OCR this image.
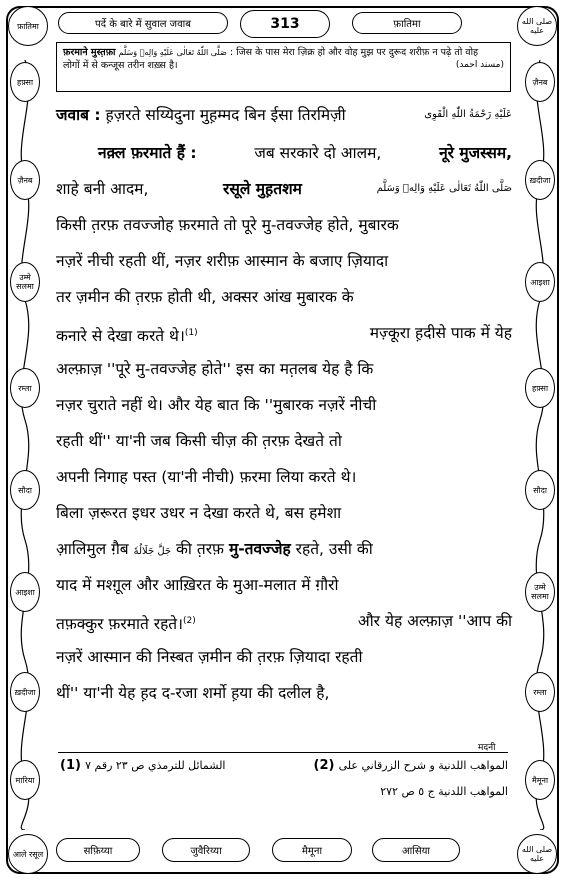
हफ़्सा
ज़ैनब
उम्मे सलमा
रम्ला
सौदा
आइशा
ख़दीजा
मारिया
ज़ैनब
ख़दीजा
आइशा
हफ़्सा
सौदा
उम्मे सलमा
रम्ला
मैमूना
फ़ातिमा	صلى الله عليه
आले रसूल	صلى الله عليه
पर्दे के बारे में सुवाल जवाब	313	फ़ातिमा
फ़रमाने मुस्त़फ़ा صَلَّى اللّٰهُ تَعَالٰى عَلَيْهِ وَالِهٖ وَسَلَّم : जिस के पास मेरा ज़िक्र हो और वोह मुझ पर दुरूद शरीफ़ न पढ़े तो वोह
लोगों में से कन्जूस तरीन शख़्स है।	(مسند احمد)
जवाब : ह़ज़रते सय्यिदुना मुह़म्मद बिन ईसा तिरमिज़ी	عَلَيْهِ رَحْمَةُ اللّٰهِ الْقَوِى
नक़्ल फ़रमाते हैं :	जब सरकारे दो आलम,	नूरे मुजस्सम,
शाहे बनी आदम,	रसूले मुह़तशम	صَلَّى اللّٰهُ تَعَالٰى عَلَيْهِ وَالِهٖ وَسَلَّم
किसी त़रफ़ तवज्जोह फ़रमाते तो पूरे मु-तवज्जेह होते, मुबारक
नज़रें नीची रहती थीं, नज़र शरीफ़ आस्मान के बजाए ज़ियादा
तर ज़मीन की त़रफ़ होती थी, अक्सर आंख मुबारक के
कनारे से देखा करते थे।$^{(1)}$	मज़्कूरा ह़दीसे पाक में येह
अल्फ़ाज़ ''पूरे मु-तवज्जेह होते'' इस का मत़लब येह है कि
नज़र चुराते नहीं थे। और येह बात कि ''मुबारक नज़रें नीची
रहती थीं'' या'नी जब किसी चीज़ की त़रफ़ देखते तो
अपनी निगाह पस्त (या'नी नीची) फ़रमा लिया करते थे।
बिला ज़रूरत इधर उधर न देखा करते थे, बस हमेशा
आ़लिमुल ग़ैब جَلَّ جَلَالُهٗ की त़रफ़ मु-तवज्जेह रहते, उसी की
याद में मश्ग़ूल और आख़िरत के मुआ-मलात में ग़ौरो
तफ़क्कुर फ़रमाते रहते।$^{(2)}$	और येह अल्फ़ाज़ ''आप की
नज़रें आस्मान की निस्बत ज़मीन की त़रफ़ ज़ियादा रहती
थीं'' या'नी येह ह़द द-रजा शर्मो ह़या की दलील है,
मदनी
(1) الشمائل للترمذي ص ٢٣ رقم ٧	(2) المواهب اللدنية و شرح الزرقاني على
المواهب اللدنية ج ٥ ص ٢٧٢
सफ़िय्या	जुवैरिय्या	मैमूना	आसिया
